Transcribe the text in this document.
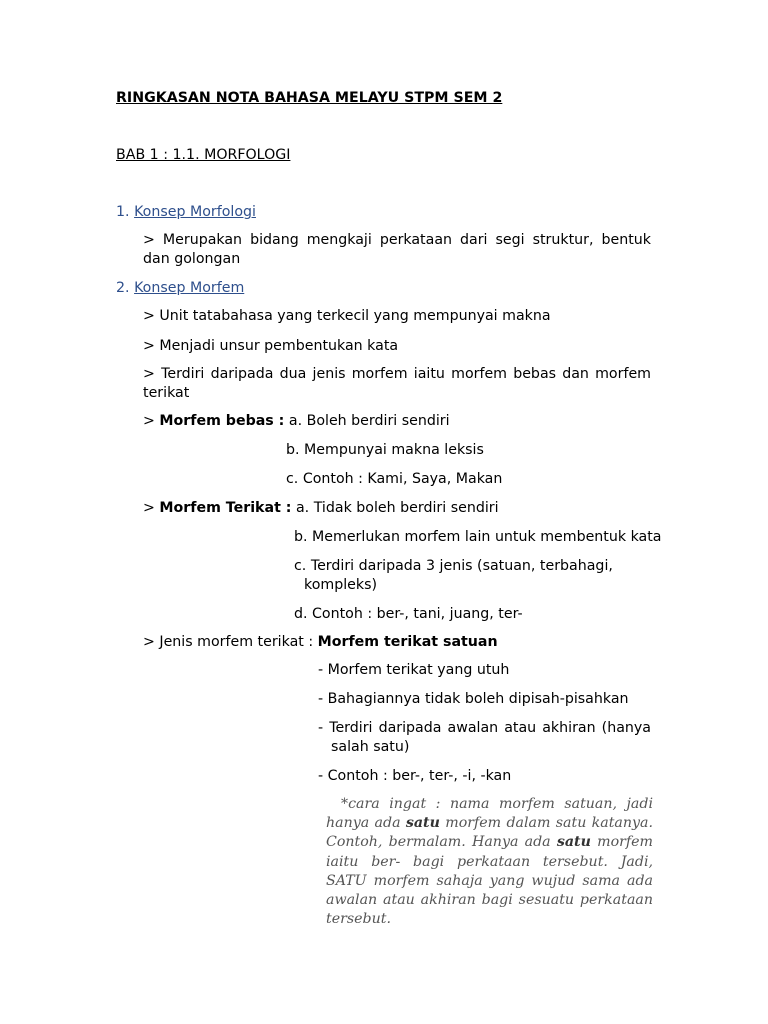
RINGKASAN NOTA BAHASA MELAYU STPM SEM 2
BAB 1 : 1.1. MORFOLOGI
1. Konsep Morfologi
> Merupakan bidang mengkaji perkataan dari segi struktur, bentuk dan golongan
2. Konsep Morfem
> Unit tatabahasa yang terkecil yang mempunyai makna
> Menjadi unsur pembentukan kata
> Terdiri daripada dua jenis morfem iaitu morfem bebas dan morfem terikat
> Morfem bebas : a. Boleh berdiri sendiri
b. Mempunyai makna leksis
c. Contoh : Kami, Saya, Makan
> Morfem Terikat : a. Tidak boleh berdiri sendiri
b. Memerlukan morfem lain untuk membentuk kata
c. Terdiri daripada 3 jenis (satuan, terbahagi,
kompleks)
d. Contoh : ber-, tani, juang, ter-
> Jenis morfem terikat : Morfem terikat satuan
- Morfem terikat yang utuh
- Bahagiannya tidak boleh dipisah-pisahkan
- Terdiri daripada awalan atau akhiran (hanya
salah satu)
- Contoh : ber-, ter-, -i, -kan
*cara ingat : nama morfem satuan, jadi hanya ada satu morfem dalam satu katanya. Contoh, bermalam. Hanya ada satu morfem iaitu ber- bagi perkataan tersebut. Jadi, SATU morfem sahaja yang wujud sama ada awalan atau akhiran bagi sesuatu perkataan tersebut.
